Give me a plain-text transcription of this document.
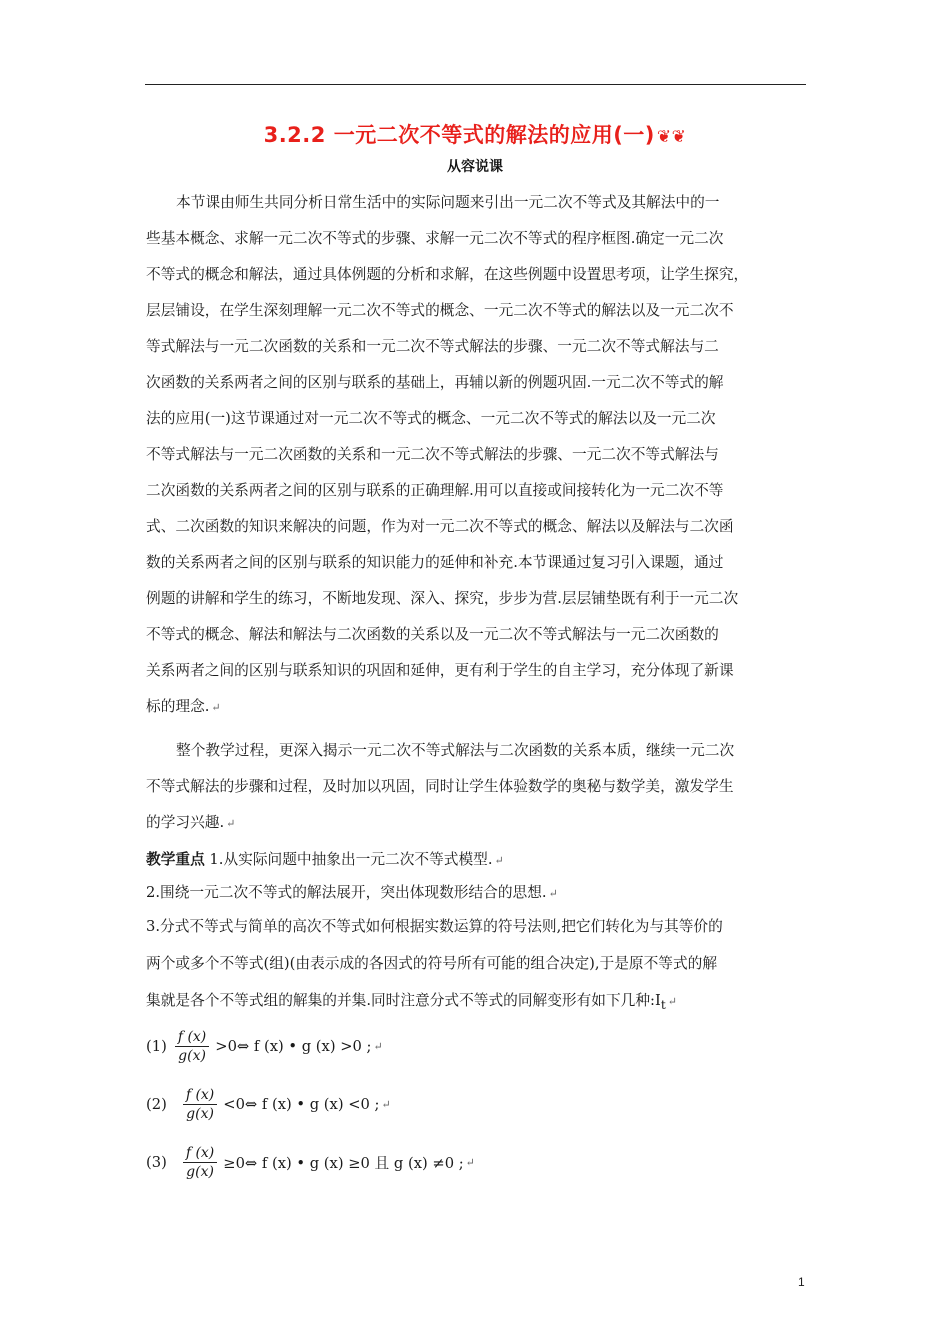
3.2.2 一元二次不等式的解法的应用(一) ❦❦
从容说课
本节课由师生共同分析日常生活中的实际问题来引出一元二次不等式及其解法中的一
些基本概念、求解一元二次不等式的步骤、求解一元二次不等式的程序框图.确定一元二次
不等式的概念和解法，通过具体例题的分析和求解，在这些例题中设置思考项，让学生探究，
层层铺设，在学生深刻理解一元二次不等式的概念、一元二次不等式的解法以及一元二次不
等式解法与一元二次函数的关系和一元二次不等式解法的步骤、一元二次不等式解法与二
次函数的关系两者之间的区别与联系的基础上，再辅以新的例题巩固.一元二次不等式的解
法的应用(一)这节课通过对一元二次不等式的概念、一元二次不等式的解法以及一元二次
不等式解法与一元二次函数的关系和一元二次不等式解法的步骤、一元二次不等式解法与
二次函数的关系两者之间的区别与联系的正确理解.用可以直接或间接转化为一元二次不等
式、二次函数的知识来解决的问题，作为对一元二次不等式的概念、解法以及解法与二次函
数的关系两者之间的区别与联系的知识能力的延伸和补充.本节课通过复习引入课题，通过
例题的讲解和学生的练习，不断地发现、深入、探究，步步为营.层层铺垫既有利于一元二次
不等式的概念、解法和解法与二次函数的关系以及一元二次不等式解法与一元二次函数的
关系两者之间的区别与联系知识的巩固和延伸，更有利于学生的自主学习，充分体现了新课
标的理念. ↵
整个教学过程，更深入揭示一元二次不等式解法与二次函数的关系本质，继续一元二次
不等式解法的步骤和过程，及时加以巩固，同时让学生体验数学的奥秘与数学美，激发学生
的学习兴趣. ↵
教学重点 1.从实际问题中抽象出一元二次不等式模型. ↵
2.围绕一元二次不等式的解法展开，突出体现数形结合的思想. ↵
3.分式不等式与简单的高次不等式如何根据实数运算的符号法则,把它们转化为与其等价的
两个或多个不等式(组)(由表示成的各因式的符号所有可能的组合决定),于是原不等式的解
集就是各个不等式组的解集的并集.同时注意分式不等式的同解变形有如下几种$:I_t$ ↵
$(1) \frac{f (x)}{g(x)}$ >0⇔ f (x) • g (x) >0 ; ↵
$(2) \frac{f (x)}{g(x)}$ <0⇔ f (x) • g (x) <0 ; ↵
$(3) \frac{f (x)}{g(x)}$ ≥0⇔ f (x) • g (x) ≥0 且 g (x) ≠0 ; ↵
1
